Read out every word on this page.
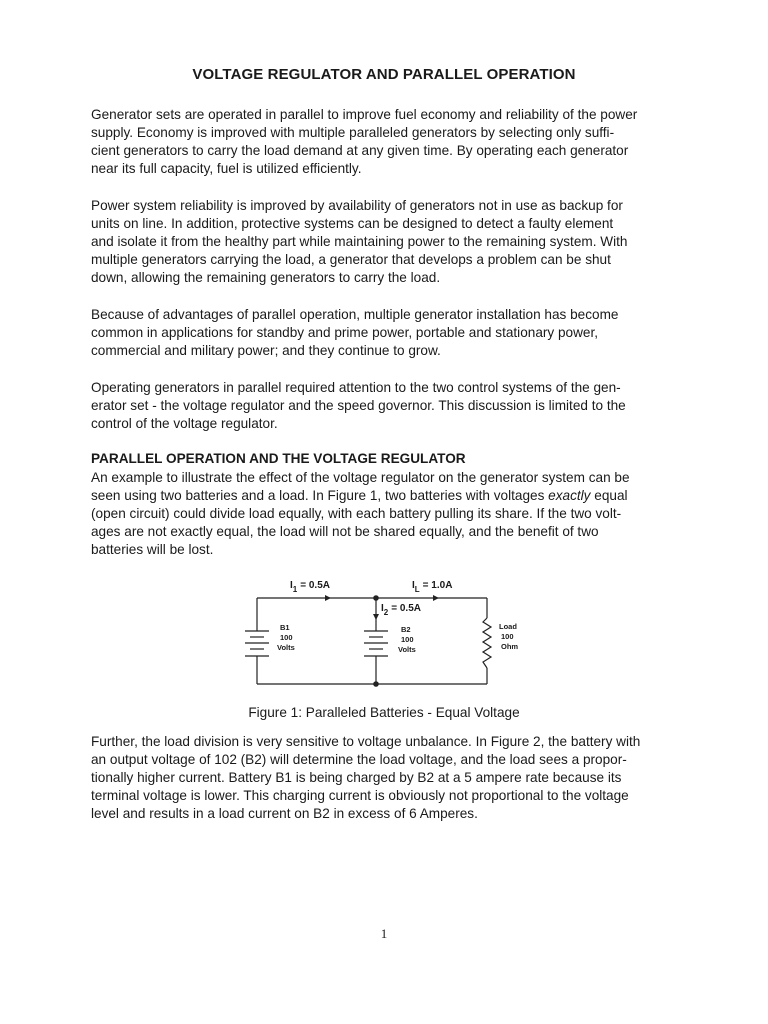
VOLTAGE REGULATOR AND PARALLEL OPERATION
Generator sets are operated in parallel to improve fuel economy and reliability of the power
supply. Economy is improved with multiple paralleled generators by selecting only suffi-
cient generators to carry the load demand at any given time. By operating each generator
near its full capacity, fuel is utilized efficiently.
Power system reliability is improved by availability of generators not in use as backup for
units on line. In addition, protective systems can be designed to detect a faulty element
and isolate it from the healthy part while maintaining power to the remaining system. With
multiple generators carrying the load, a generator that develops a problem can be shut
down, allowing the remaining generators to carry the load.
Because of advantages of parallel operation, multiple generator installation has become
common in applications for standby and prime power, portable and stationary power,
commercial and military power; and they continue to grow.
Operating generators in parallel required attention to the two control systems of the gen-
erator set - the voltage regulator and the speed governor. This discussion is limited to the
control of the voltage regulator.
PARALLEL OPERATION AND THE VOLTAGE REGULATOR
An example to illustrate the effect of the voltage regulator on the generator system can be
seen using two batteries and a load. In Figure 1, two batteries with voltages exactly equal
(open circuit) could divide load equally, with each battery pulling its share. If the two volt-
ages are not exactly equal, the load will not be shared equally, and the benefit of two
batteries will be lost.
$I_1 = 0.5A$	$I_L = 1.0A$
$I_2 = 0.5A$
B1
100
Volts
B2
100
Volts
Load
100
Ohm
Figure 1: Paralleled Batteries - Equal Voltage
Further, the load division is very sensitive to voltage unbalance. In Figure 2, the battery with
an output voltage of 102 (B2) will determine the load voltage, and the load sees a propor-
tionally higher current. Battery B1 is being charged by B2 at a 5 ampere rate because its
terminal voltage is lower. This charging current is obviously not proportional to the voltage
level and results in a load current on B2 in excess of 6 Amperes.
1
